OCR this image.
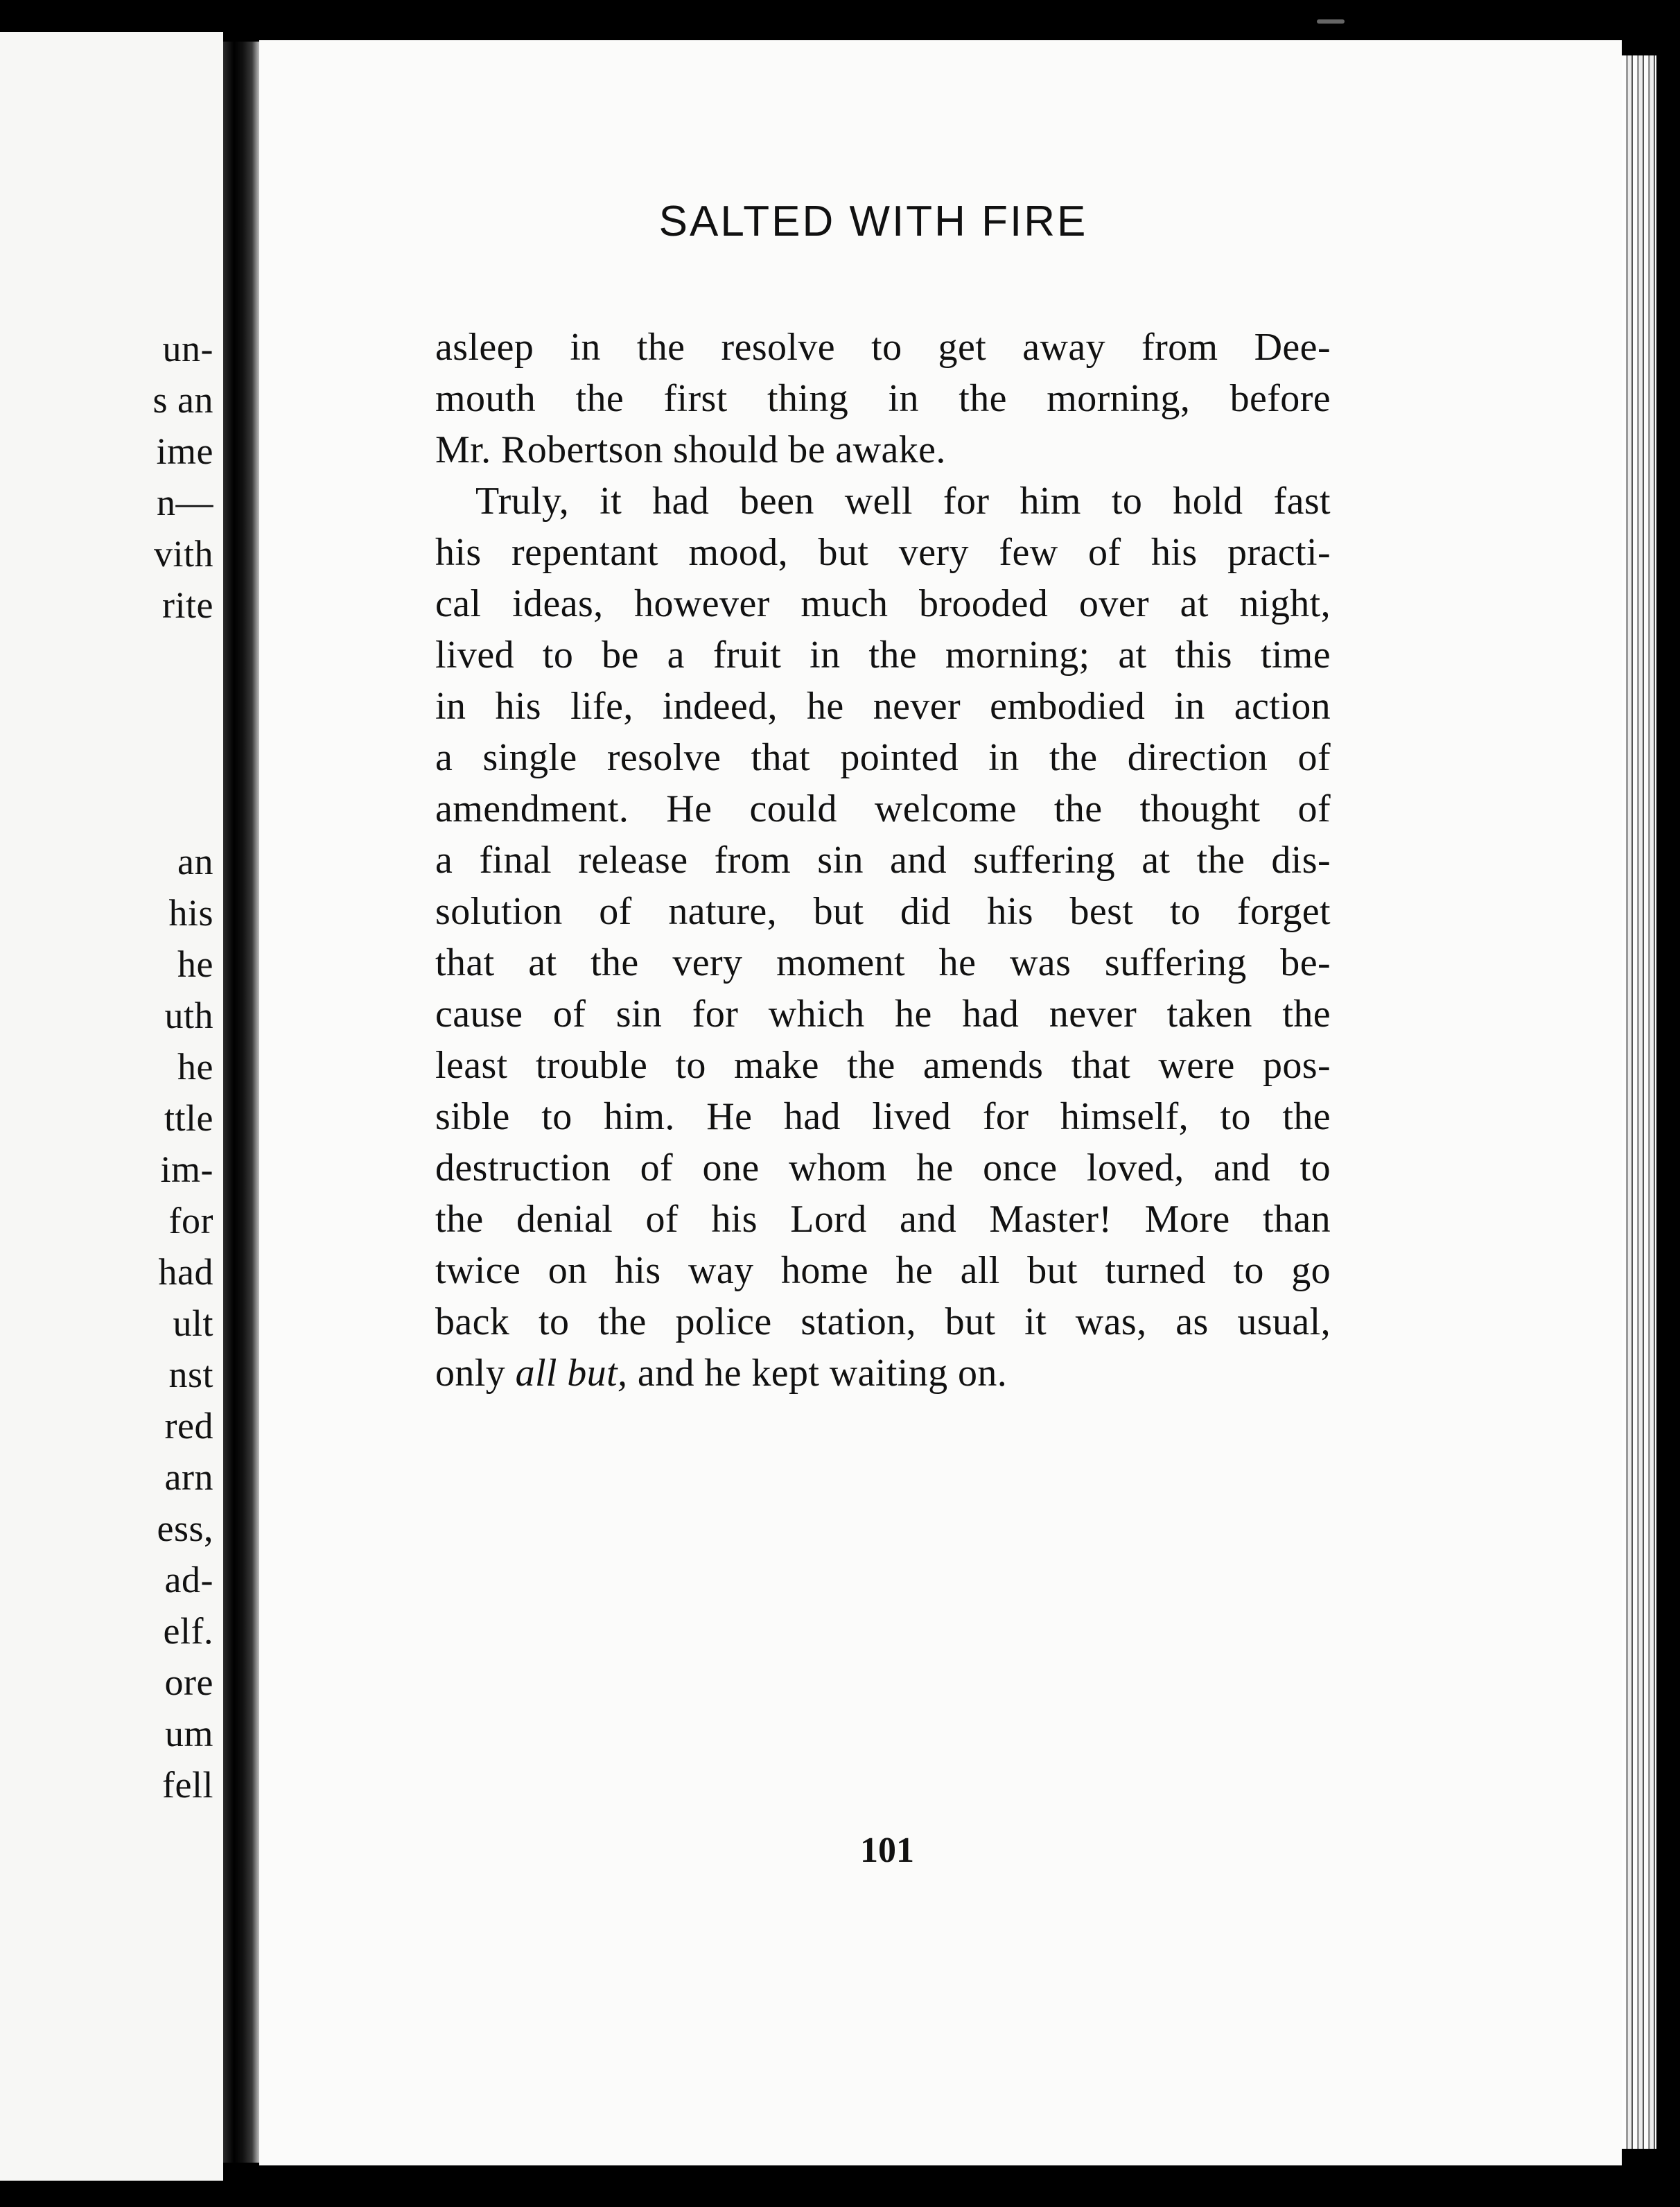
un-
s an
ime
n—
vith
rite
an
his
he
uth
he
ttle
im-
for
had
ult
nst
red
arn
ess,
ad-
elf.
ore
um
fell
SALTED WITH FIRE
asleep in the resolve to get away from Dee-
mouth the first thing in the morning, before
Mr. Robertson should be awake.
Truly, it had been well for him to hold fast
his repentant mood, but very few of his practi-
cal ideas, however much brooded over at night,
lived to be a fruit in the morning; at this time
in his life, indeed, he never embodied in action
a single resolve that pointed in the direction of
amendment. He could welcome the thought of
a final release from sin and suffering at the dis-
solution of nature, but did his best to forget
that at the very moment he was suffering be-
cause of sin for which he had never taken the
least trouble to make the amends that were pos-
sible to him. He had lived for himself, to the
destruction of one whom he once loved, and to
the denial of his Lord and Master! More than
twice on his way home he all but turned to go
back to the police station, but it was, as usual,
only all but, and he kept waiting on.
101
